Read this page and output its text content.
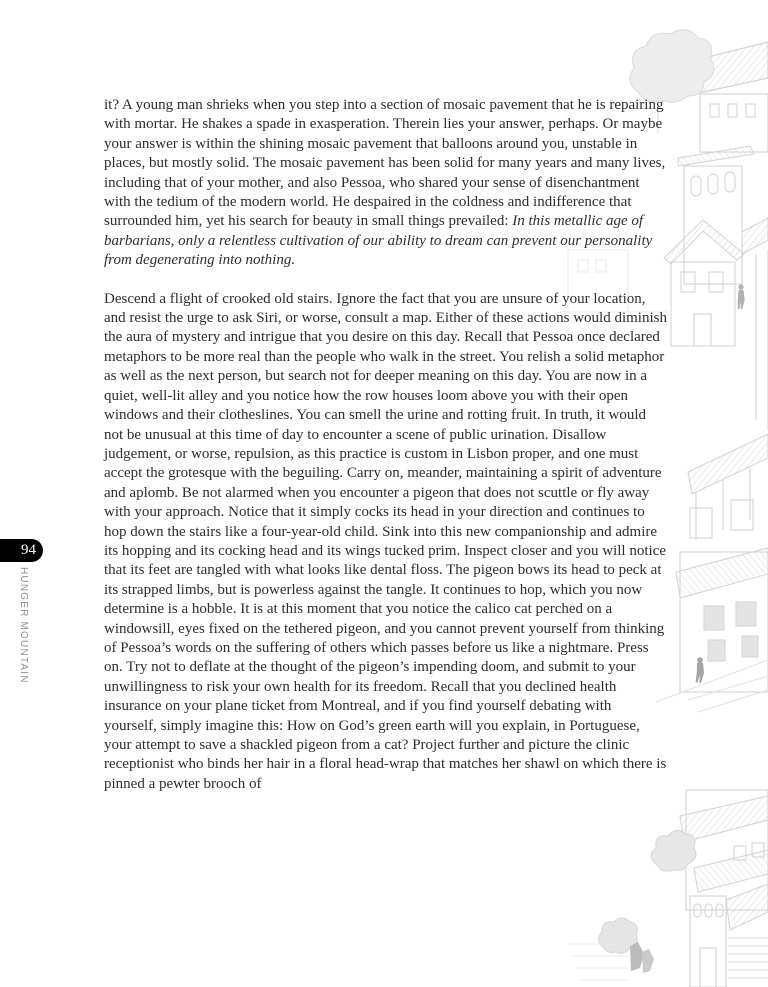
94
HUNGER MOUNTAIN

it? A young man shrieks when you step into a section of mosaic pavement that he is repairing with mortar. He shakes a spade in exasperation. Therein lies your answer, perhaps. Or maybe your answer is within the shining mosaic pavement that balloons around you, unstable in places, but mostly solid. The mosaic pavement has been solid for many years and many lives, including that of your mother, and also Pessoa, who shared your sense of disenchantment with the tedium of the modern world. He despaired in the coldness and indifference that surrounded him, yet his search for beauty in small things prevailed: In this metallic age of barbarians, only a relentless cultivation of our ability to dream can prevent our personality from degenerating into nothing.

Descend a flight of crooked old stairs. Ignore the fact that you are unsure of your location, and resist the urge to ask Siri, or worse, consult a map. Either of these actions would diminish the aura of mystery and intrigue that you desire on this day. Recall that Pessoa once declared metaphors to be more real than the people who walk in the street. You relish a solid metaphor as well as the next person, but search not for deeper meaning on this day. You are now in a quiet, well-lit alley and you notice how the row houses loom above you with their open windows and their clotheslines. You can smell the urine and rotting fruit. In truth, it would not be unusual at this time of day to encounter a scene of public urination. Disallow judgement, or worse, repulsion, as this practice is custom in Lisbon proper, and one must accept the grotesque with the beguiling. Carry on, meander, maintaining a spirit of adventure and aplomb. Be not alarmed when you encounter a pigeon that does not scuttle or fly away with your approach. Notice that it simply cocks its head in your direction and continues to hop down the stairs like a four-year-old child. Sink into this new companionship and admire its hopping and its cocking head and its wings tucked prim. Inspect closer and you will notice that its feet are tangled with what looks like dental floss. The pigeon bows its head to peck at its strapped limbs, but is powerless against the tangle. It continues to hop, which you now determine is a hobble. It is at this moment that you notice the calico cat perched on a windowsill, eyes fixed on the tethered pigeon, and you cannot prevent yourself from thinking of Pessoa’s words on the suffering of others which passes before us like a nightmare. Press on. Try not to deflate at the thought of the pigeon’s impending doom, and submit to your unwillingness to risk your own health for its freedom. Recall that you declined health insurance on your plane ticket from Montreal, and if you find yourself debating with yourself, simply imagine this: How on God’s green earth will you explain, in Portuguese, your attempt to save a shackled pigeon from a cat? Project further and picture the clinic receptionist who binds her hair in a floral head-wrap that matches her shawl on which there is pinned a pewter brooch of
